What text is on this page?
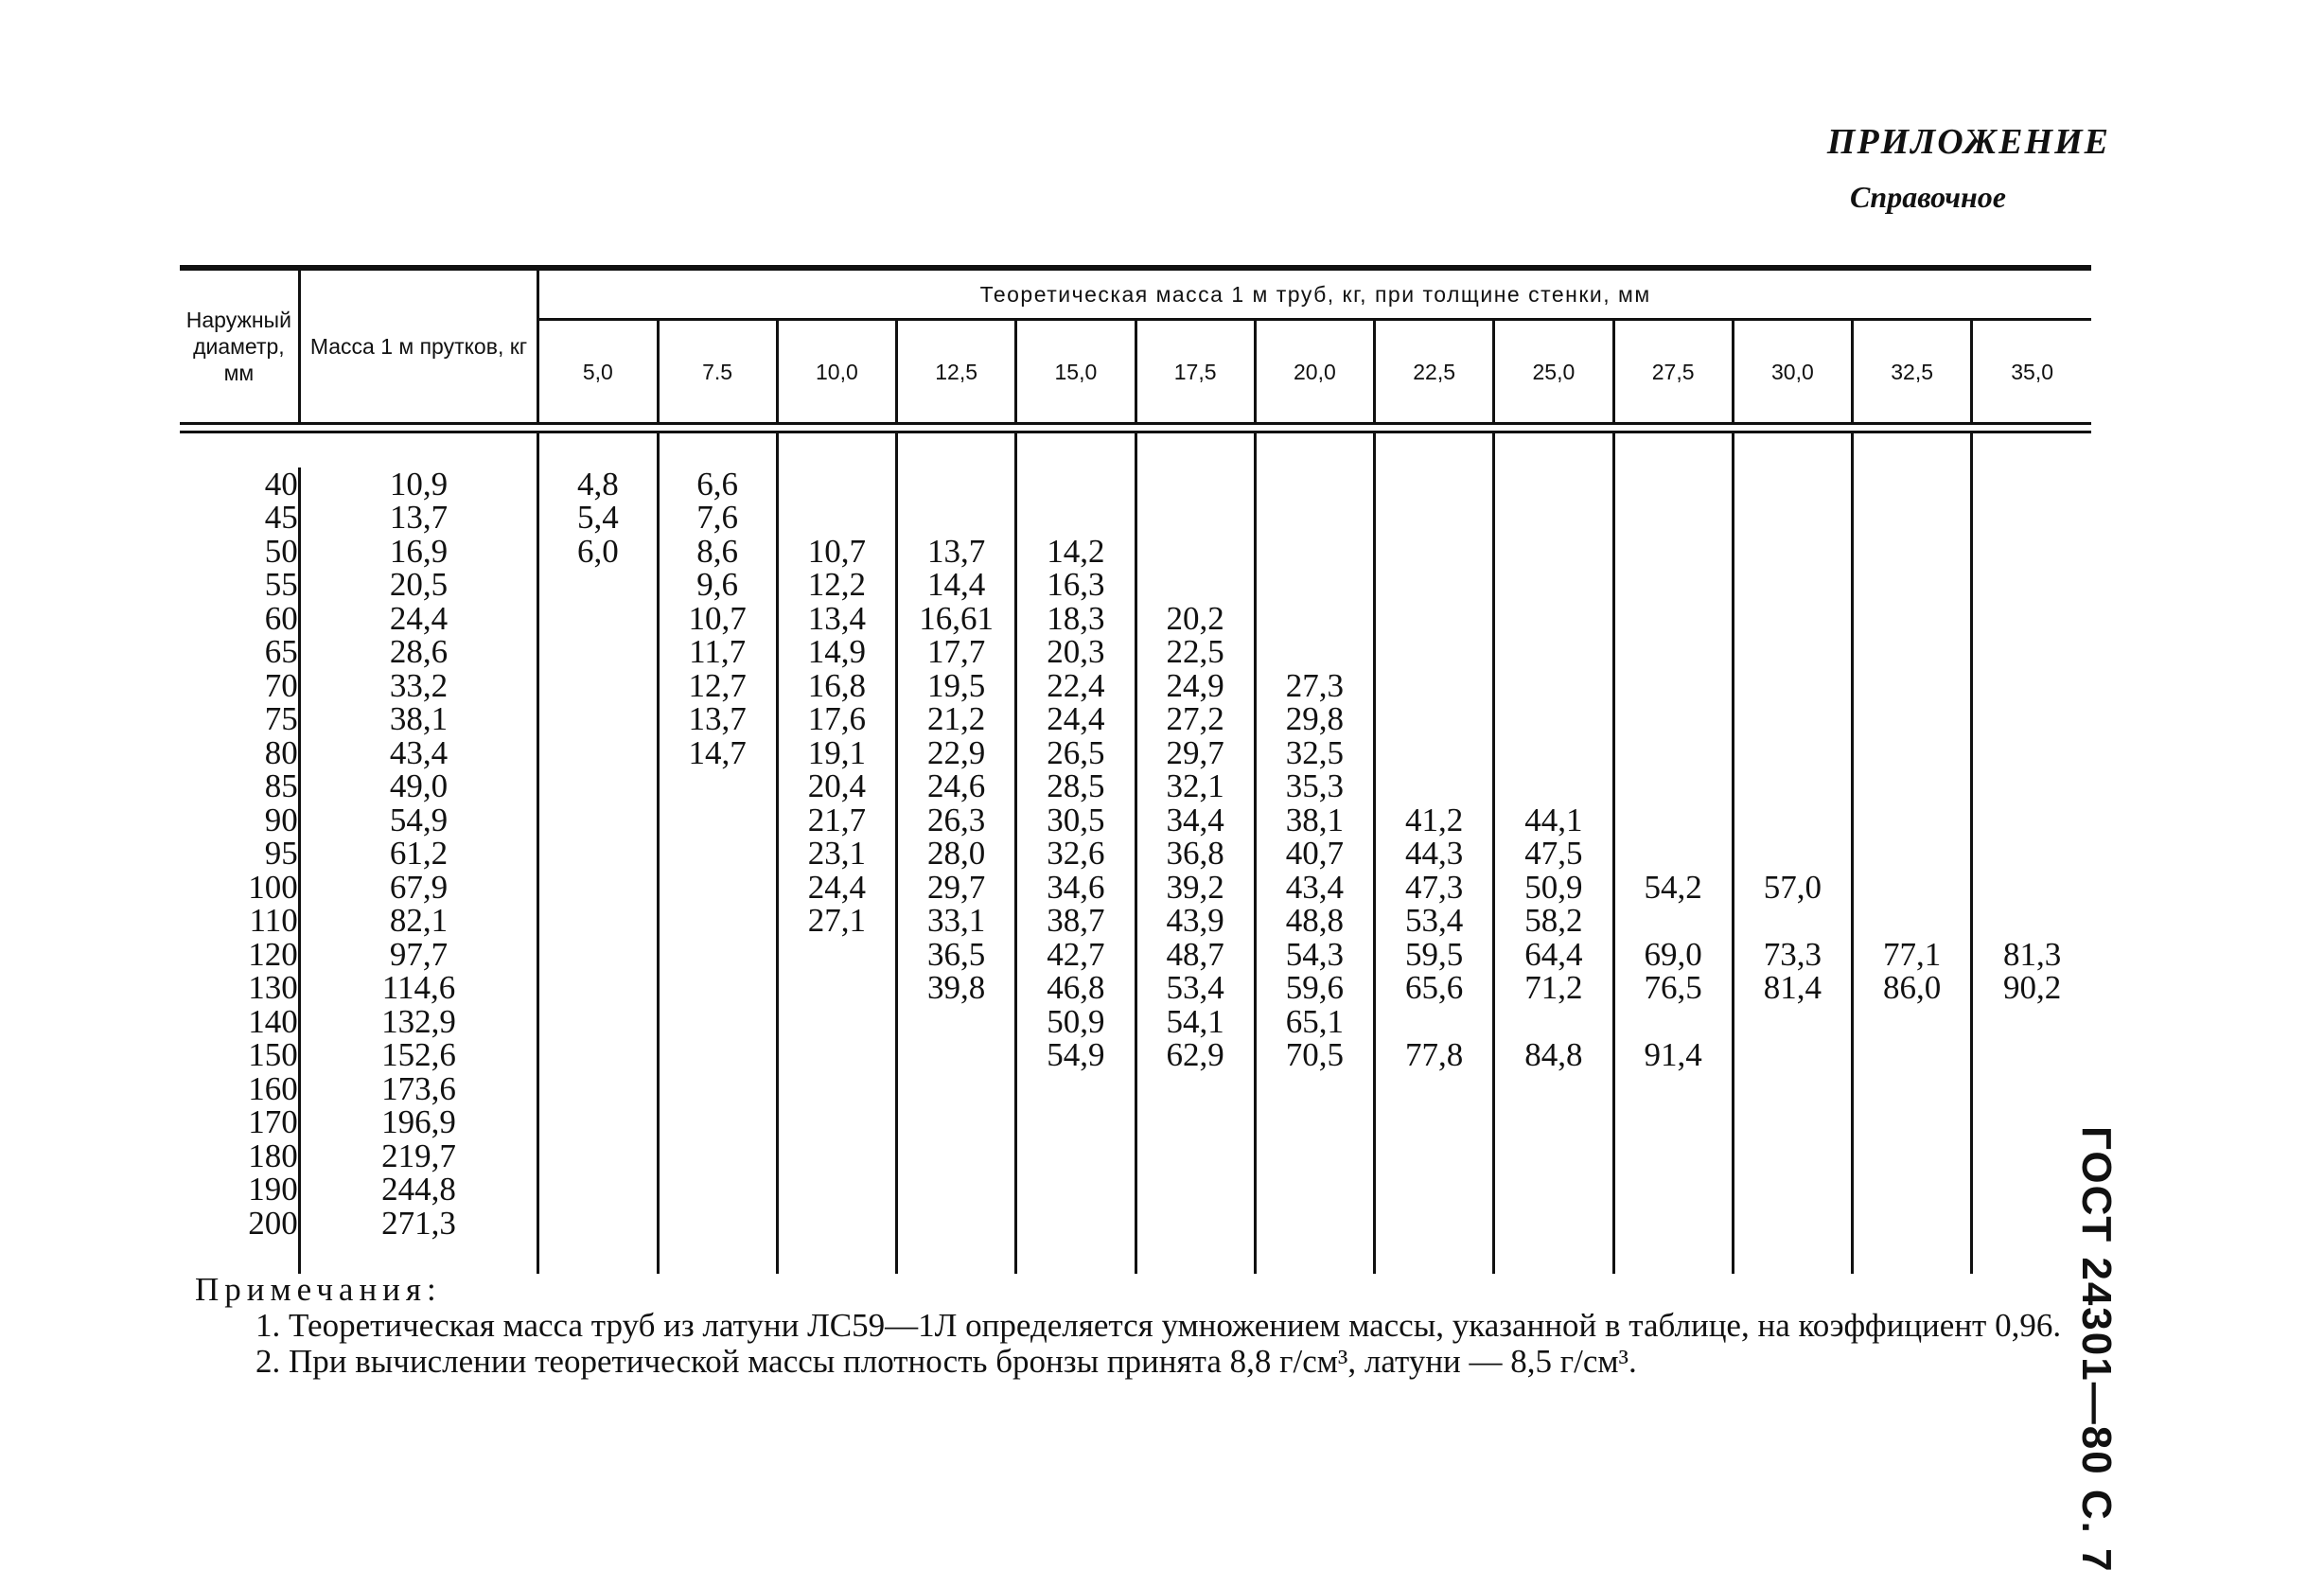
ПРИЛОЖЕНИЕ
Справочное
ГОСТ 24301—80 С. 7

Наружный диаметр, мм	Масса 1 м прутков, кг	Теоретическая масса 1 м труб, кг, при толщине стенки, мм												
		5,0	7.5	10,0	12,5	15,0	17,5	20,0	22,5	25,0	27,5	30,0	32,5	35,0

40	10,9	4,8	6,6											
45	13,7	5,4	7,6											
50	16,9	6,0	8,6	10,7	13,7	14,2								
55	20,5		9,6	12,2	14,4	16,3								
60	24,4		10,7	13,4	16,61	18,3	20,2							
65	28,6		11,7	14,9	17,7	20,3	22,5							
70	33,2		12,7	16,8	19,5	22,4	24,9	27,3						
75	38,1		13,7	17,6	21,2	24,4	27,2	29,8						
80	43,4		14,7	19,1	22,9	26,5	29,7	32,5						
85	49,0			20,4	24,6	28,5	32,1	35,3						
90	54,9			21,7	26,3	30,5	34,4	38,1	41,2	44,1				
95	61,2			23,1	28,0	32,6	36,8	40,7	44,3	47,5				
100	67,9			24,4	29,7	34,6	39,2	43,4	47,3	50,9	54,2	57,0		
110	82,1			27,1	33,1	38,7	43,9	48,8	53,4	58,2				
120	97,7				36,5	42,7	48,7	54,3	59,5	64,4	69,0	73,3	77,1	81,3
130	114,6				39,8	46,8	53,4	59,6	65,6	71,2	76,5	81,4	86,0	90,2
140	132,9					50,9	54,1	65,1						
150	152,6					54,9	62,9	70,5	77,8	84,8	91,4			
160	173,6													
170	196,9													
180	219,7													
190	244,8													
200	271,3													

Примечания:

1. Теоретическая масса труб из латуни ЛС59—1Л определяется умножением массы, указанной в таблице, на коэффициент 0,96.

2. При вычислении теоретической массы плотность бронзы принята 8,8 г/см³, латуни — 8,5 г/см³.
